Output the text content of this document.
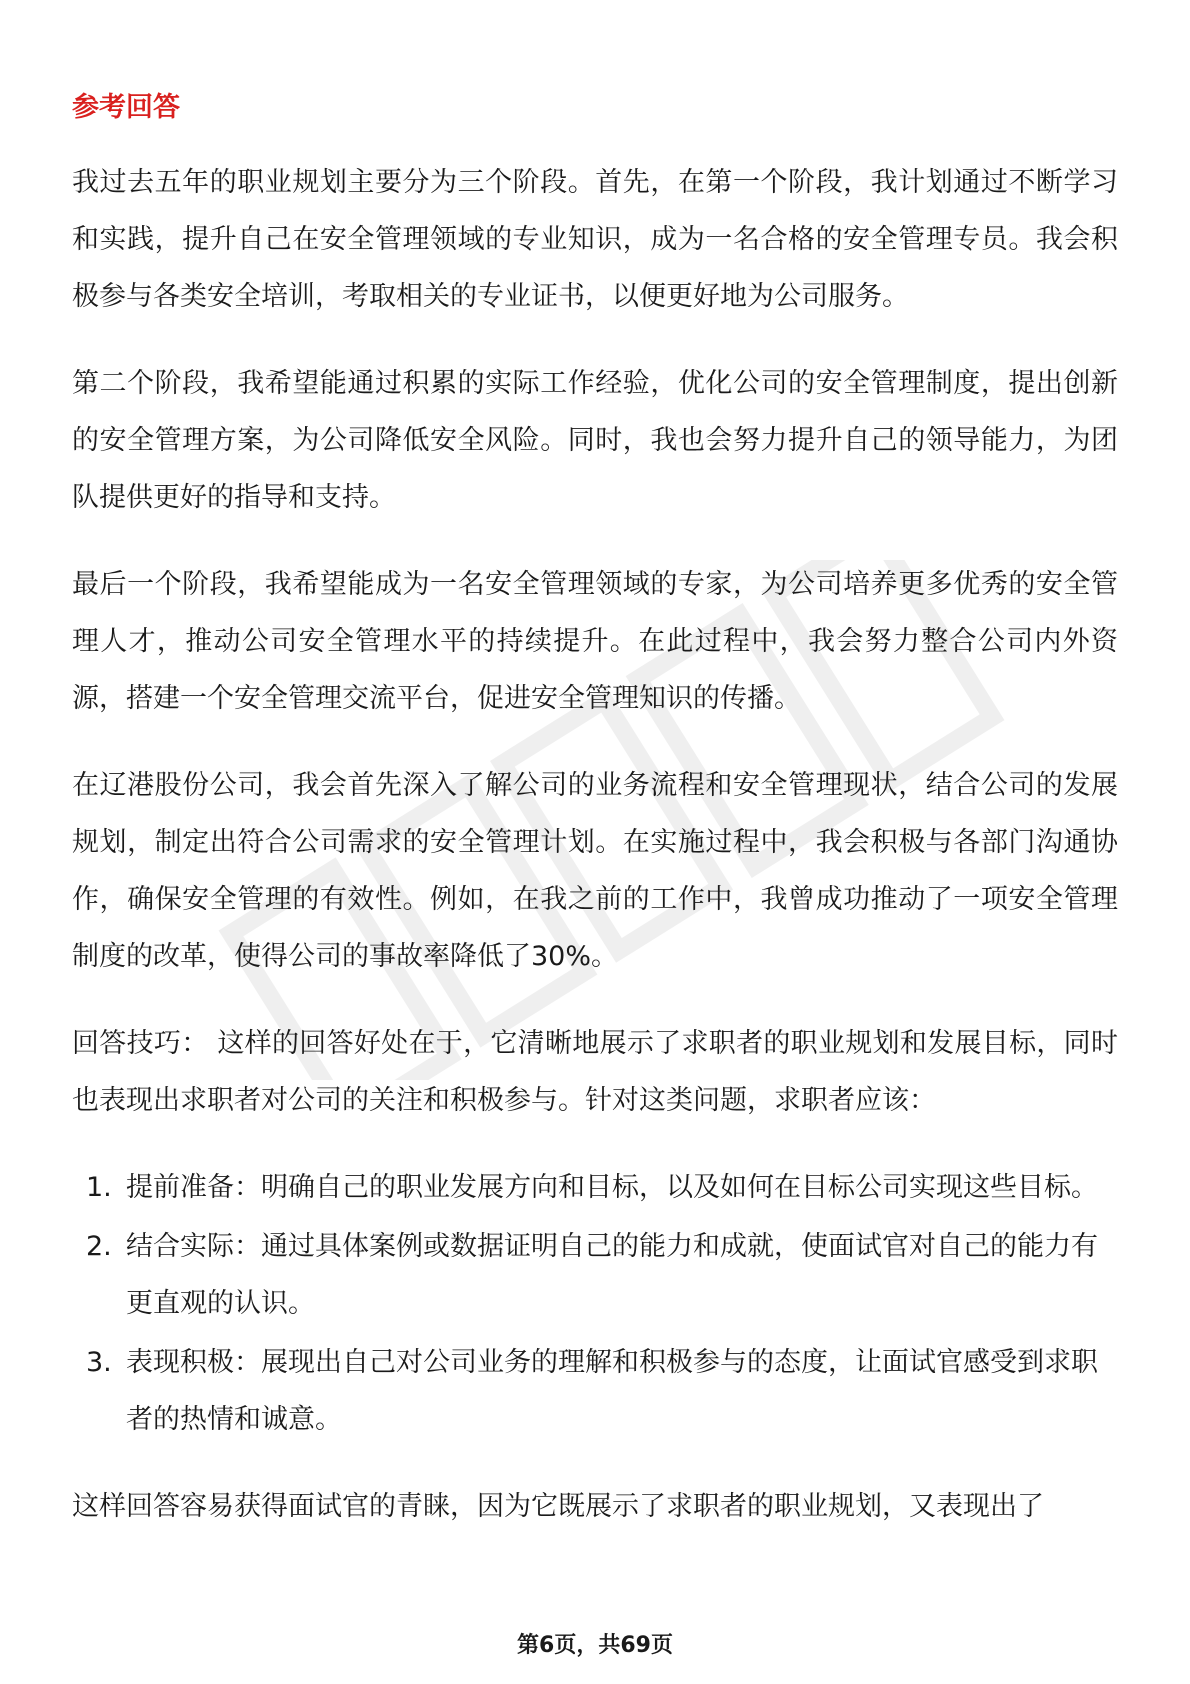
参考回答

我过去五年的职业规划主要分为三个阶段。首先，在第一个阶段，我计划通过不断学习和实践，提升自己在安全管理领域的专业知识，成为一名合格的安全管理专员。我会积极参与各类安全培训，考取相关的专业证书，以便更好地为公司服务。

第二个阶段，我希望能通过积累的实际工作经验，优化公司的安全管理制度，提出创新的安全管理方案，为公司降低安全风险。同时，我也会努力提升自己的领导能力，为团队提供更好的指导和支持。

最后一个阶段，我希望能成为一名安全管理领域的专家，为公司培养更多优秀的安全管理人才，推动公司安全管理水平的持续提升。在此过程中，我会努力整合公司内外资源，搭建一个安全管理交流平台，促进安全管理知识的传播。

在辽港股份公司，我会首先深入了解公司的业务流程和安全管理现状，结合公司的发展规划，制定出符合公司需求的安全管理计划。在实施过程中，我会积极与各部门沟通协作，确保安全管理的有效性。例如，在我之前的工作中，我曾成功推动了一项安全管理制度的改革，使得公司的事故率降低了30%。

回答技巧： 这样的回答好处在于，它清晰地展示了求职者的职业规划和发展目标，同时也表现出求职者对公司的关注和积极参与。针对这类问题，求职者应该：

1. 提前准备：明确自己的职业发展方向和目标，以及如何在目标公司实现这些目标。
2. 结合实际：通过具体案例或数据证明自己的能力和成就，使面试官对自己的能力有更直观的认识。
3. 表现积极：展现出自己对公司业务的理解和积极参与的态度，让面试官感受到求职者的热情和诚意。

这样回答容易获得面试官的青睐，因为它既展示了求职者的职业规划，又表现出了

第6页，共69页
